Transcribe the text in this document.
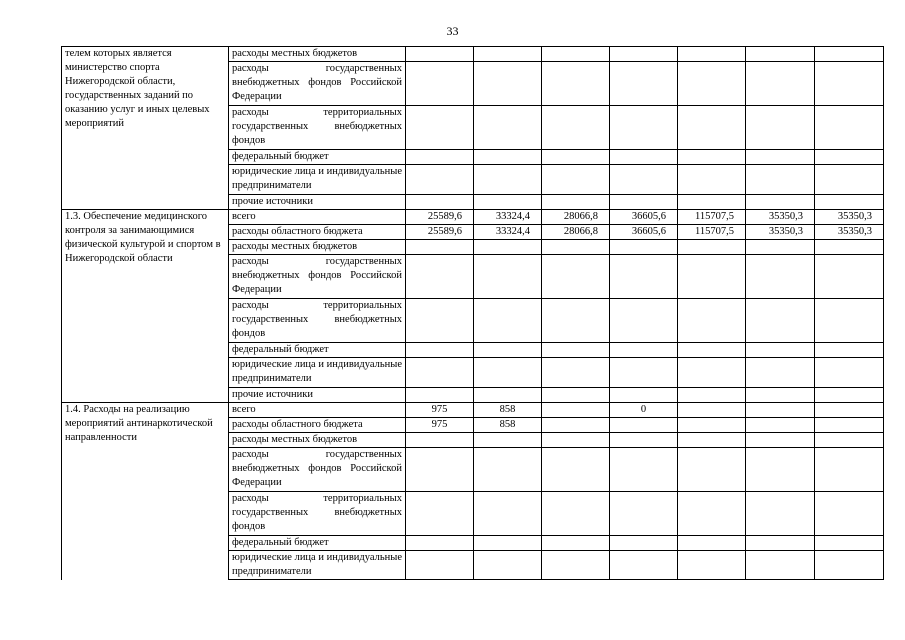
33
телем которых является министерство спорта Нижегородской области, государственных заданий по оказанию услуг и иных целевых мероприятий	расходы местных бюджетов							
	расходы государственных внебюджетных фондов Российской Федерации							
	расходы территориальных государственных внебюджетных фондов							
	федеральный бюджет							
	юридические лица и индивидуальные предприниматели							
	прочие источники							
1.3. Обеспечение медицинского контроля за занимающимися физической культурой и спортом в Нижегородской области	всего	25589,6	33324,4	28066,8	36605,6	115707,5	35350,3	35350,3
	расходы областного бюджета	25589,6	33324,4	28066,8	36605,6	115707,5	35350,3	35350,3
	расходы местных бюджетов							
	расходы государственных внебюджетных фондов Российской Федерации							
	расходы территориальных государственных внебюджетных фондов							
	федеральный бюджет							
	юридические лица и индивидуальные предприниматели							
	прочие источники							
1.4. Расходы на реализацию мероприятий антинаркотической направленности	всего	975	858		0			
	расходы областного бюджета	975	858					
	расходы местных бюджетов							
	расходы государственных внебюджетных фондов Российской Федерации							
	расходы территориальных государственных внебюджетных фондов							
	федеральный бюджет							
	юридические лица и индивидуальные предприниматели							
